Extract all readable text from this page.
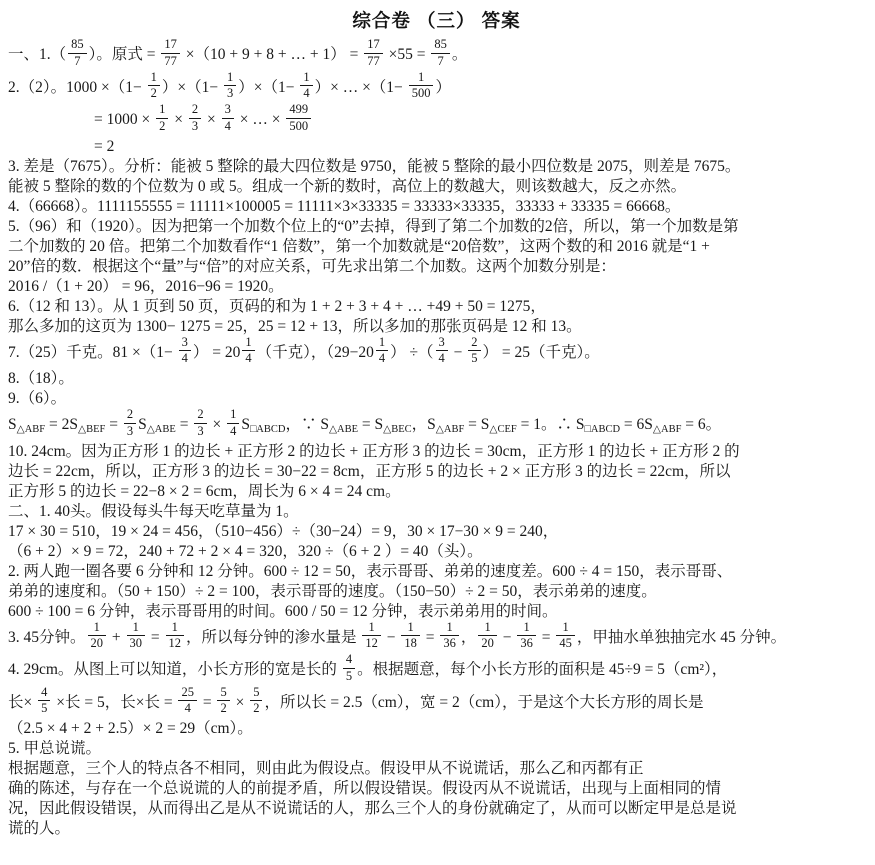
综合卷 （三） 答案
一、$1.( \frac{85}{7}$ ）。原式 = $\frac{17}{77} \times(10 + 9 + 8$ + … + $1) = \frac{17}{77} \times 55 = \frac{85}{7}$ 。
2.（2）。$1000 \times(1- \frac{1}{2} )\times(1- \frac{1}{3} )\times(1- \frac{1}{4}$ ）× … $\times(1- \frac{1}{500}$ ）
= $1000 \times \frac{1}{2} \times \frac{2}{3} \times \frac{3}{4}$ × … × $\frac{499}{500}$
= 2
3. 差是（7675）。分析：能被 5 整除的最大四位数是 9750，能被 5 整除的最小四位数是 2075，则差是 7675。
能被 5 整除的数的个位数为 0 或 5。组成一个新的数时，高位上的数越大，则该数越大，反之亦然。
4.（66668）。1111155555 = 11111×100005 = 11111×3×33335 = 33333×33335，33333 + 33335 = 66668。
5.（96）和（1920）。因为把第一个加数个位上的“0”去掉，得到了第二个加数的2倍，所以，第一个加数是第
二个加数的 20 倍。把第二个加数看作“1 倍数”，第一个加数就是“20倍数”，这两个数的和 2016 就是“1 +
20”倍的数．根据这个“量”与“倍”的对应关系，可先求出第二个加数。这两个加数分别是：
2016 /（1 + 20） = 96，2016−96 = 1920。
6.（12 和 13）。从 1 页到 50 页，页码的和为 1 + 2 + 3 + 4 + … +49 + 50 = 1275，
那么多加的这页为 1300− 1275 = 25，25 = 12 + 13，所以多加的那张页码是 12 和 13。
7.（25）千克。$81 \times(1- \frac{3}{4}$ ） = $20 \frac{1}{4}$ （千克），（$29-20 \frac{1}{4}$ ） ÷（ $\frac{3}{4} - \frac{2}{5}$ ） = 25（千克）。
8.（18）。
9.（6）。
$S_{\triangle ABF} = 2S_{\triangle BEF} = \frac{2}{3} S_{\triangle ABE} = \frac{2}{3} \times \frac{1}{4} S_{□ABCD}$，∵ $S_{\triangle ABE} = S_{\triangle BEC}$，$S_{\triangle ABF} = S_{\triangle CEF} = 1$。∴ $S_{□ABCD} = 6S_{\triangle ABF} = 6$。
10. 24cm。因为正方形 1 的边长 + 正方形 2 的边长 + 正方形 3 的边长 = 30cm，正方形 1 的边长 + 正方形 2 的
边长 = 22cm，所以，正方形 3 的边长 = 30−22 = 8cm，正方形 5 的边长 + 2 × 正方形 3 的边长 = 22cm，所以
正方形 5 的边长 = 22−8 × 2 = 6cm，周长为 6 × 4 = 24 cm。
二、1. 40头。假设每头牛每天吃草量为 1。
17 × 30 = 510，19 × 24 = 456，（510−456）÷（30−24）= 9，30 × 17−30 × 9 = 240，
（6 + 2）× 9 = 72，240 + 72 + 2 × 4 = 320，320 ÷（6 + 2 ）= 40（头）。
2. 两人跑一圈各要 6 分钟和 12 分钟。600 ÷ 12 = 50，表示哥哥、弟弟的速度差。600 ÷ 4 = 150，表示哥哥、
弟弟的速度和。（50 + 150）÷ 2 = 100，表示哥哥的速度。（150−50）÷ 2 = 50，表示弟弟的速度。
600 ÷ 100 = 6 分钟，表示哥哥用的时间。600 / 50 = 12 分钟，表示弟弟用的时间。
3. 45分钟。 $\frac{1}{20} + \frac{1}{30} = \frac{1}{12}$ ，所以每分钟的渗水量是 $\frac{1}{12} - \frac{1}{18} = \frac{1}{36}$ ， $\frac{1}{20} - \frac{1}{36} = \frac{1}{45}$ ，甲抽水单独抽完水 45 分钟。
4. 29cm。从图上可以知道，小长方形的宽是长的 $\frac{4}{5}$ 。根据题意，每个小长方形的面积是 45÷9 = 5（cm²），
长× $\frac{4}{5}$ ×长 = 5，长×长 = $\frac{25}{4} = \frac{5}{2} \times \frac{5}{2}$ ，所以长 = 2.5（cm），宽 = 2（cm），于是这个大长方形的周长是
（2.5 × 4 + 2 + 2.5）× 2 = 29（cm）。
5. 甲总说谎。
根据题意，三个人的特点各不相同，则由此为假设点。假设甲从不说谎话，那么乙和丙都有正
确的陈述，与存在一个总说谎的人的前提矛盾，所以假设错误。假设丙从不说谎话，出现与上面相同的情
况，因此假设错误，从而得出乙是从不说谎话的人，那么三个人的身份就确定了，从而可以断定甲是总是说
谎的人。
